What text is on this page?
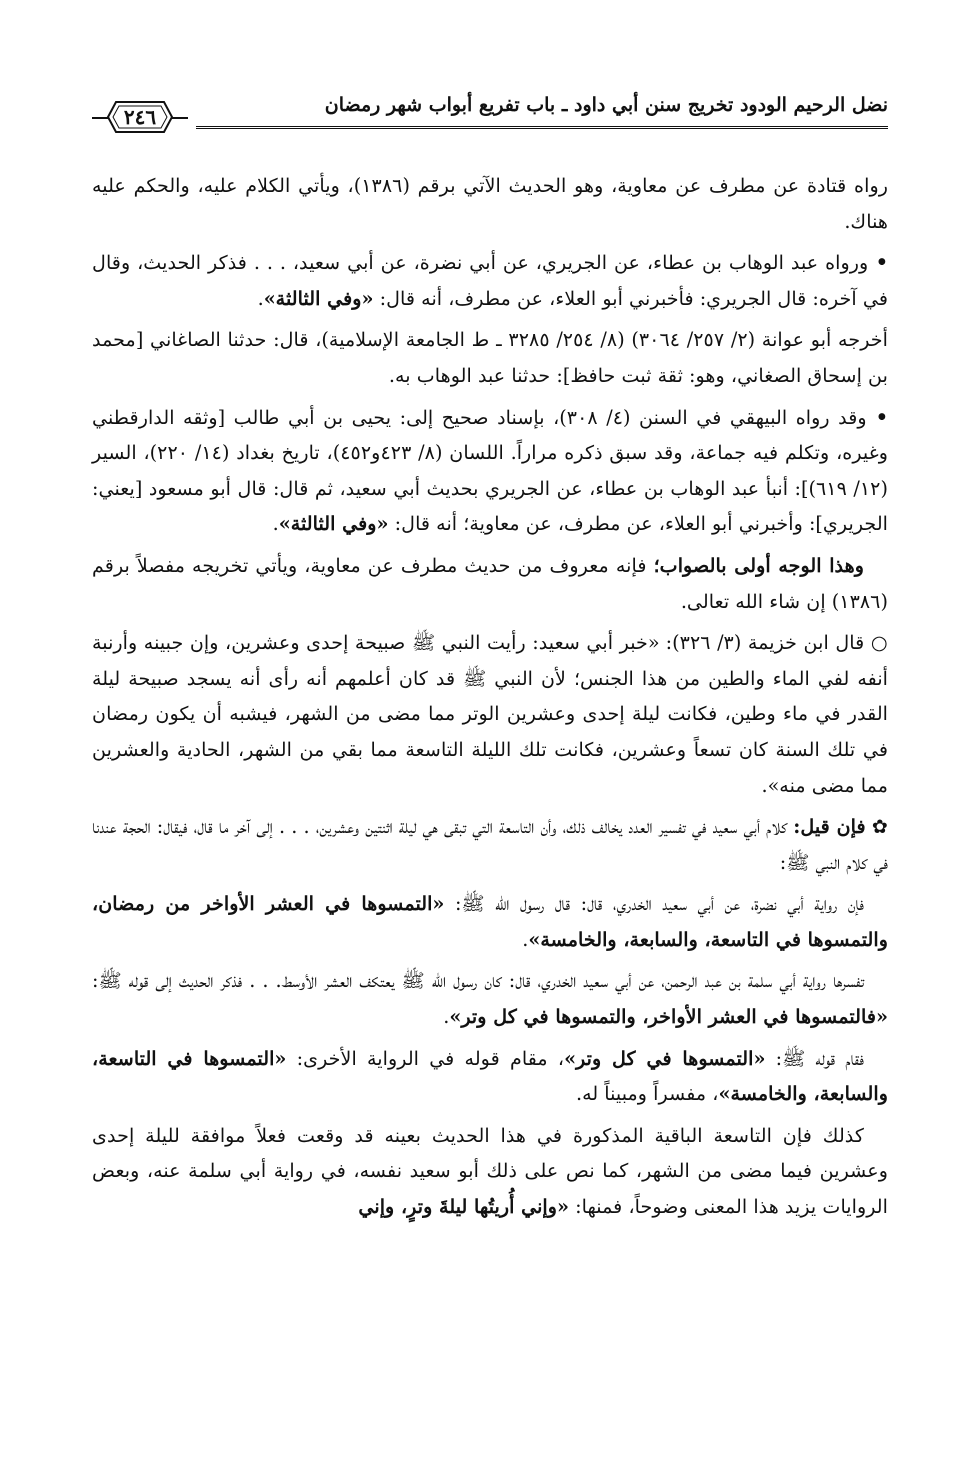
نضل الرحيم الودود تخريج سنن أبي داود ـ باب تفريع أبواب شهر رمضان
٢٤٦
رواه قتادة عن مطرف عن معاوية، وهو الحديث الآتي برقم (١٣٨٦)، ويأتي الكلام عليه، والحكم عليه هناك.
• ورواه عبد الوهاب بن عطاء، عن الجريري، عن أبي نضرة، عن أبي سعيد، . . . فذكر الحديث، وقال في آخره: قال الجريري: فأخبرني أبو العلاء، عن مطرف، أنه قال: «وفي الثالثة».
أخرجه أبو عوانة (٢/ ٢٥٧/ ٣٠٦٤) (٨/ ٢٥٤/ ٣٢٨٥ ـ ط الجامعة الإسلامية)، قال: حدثنا الصاغاني [محمد بن إسحاق الصغاني، وهو: ثقة ثبت حافظ]: حدثنا عبد الوهاب به.
• وقد رواه البيهقي في السنن (٤/ ٣٠٨)، بإسناد صحيح إلى: يحيى بن أبي طالب [وثقه الدارقطني وغيره، وتكلم فيه جماعة، وقد سبق ذكره مراراً. اللسان (٨/ ٤٢٣و٤٥٢)، تاريخ بغداد (١٤/ ٢٢٠)، السير (١٢/ ٦١٩)]: أنبأ عبد الوهاب بن عطاء، عن الجريري بحديث أبي سعيد، ثم قال: قال أبو مسعود [يعني: الجريري]: وأخبرني أبو العلاء، عن مطرف، عن معاوية؛ أنه قال: «وفي الثالثة».
وهذا الوجه أولى بالصواب؛ فإنه معروف من حديث مطرف عن معاوية، ويأتي تخريجه مفصلاً برقم (١٣٨٦) إن شاء الله تعالى.
○ قال ابن خزيمة (٣/ ٣٢٦): «خبر أبي سعيد: رأيت النبي ﷺ صبيحة إحدى وعشرين، وإن جبينه وأرنبة أنفه لفي الماء والطين من هذا الجنس؛ لأن النبي ﷺ قد كان أعلمهم أنه رأى أنه يسجد صبيحة ليلة القدر في ماء وطين، فكانت ليلة إحدى وعشرين الوتر مما مضى من الشهر، فيشبه أن يكون رمضان في تلك السنة كان تسعاً وعشرين، فكانت تلك الليلة التاسعة مما بقي من الشهر، الحادية والعشرين مما مضى منه».
✿ فإن قيل: كلام أبي سعيد في تفسير العدد يخالف ذلك، وأن التاسعة التي تبقى هي ليلة اثنتين وعشرين، . . . إلى آخر ما قال، فيقال: الحجة عندنا في كلام النبي ﷺ:
فإن رواية أبي نضرة، عن أبي سعيد الخدري، قال: قال رسول الله ﷺ: «التمسوها في العشر الأواخر من رمضان، والتمسوها في التاسعة، والسابعة، والخامسة».
تفسرها رواية أبي سلمة بن عبد الرحمن، عن أبي سعيد الخدري، قال: كان رسول الله ﷺ يعتكف العشر الأوسط. . . فذكر الحديث إلى قوله ﷺ: «فالتمسوها في العشر الأواخر، والتمسوها في كل وتر».
فقام قوله ﷺ: «التمسوها في كل وتر»، مقام قوله في الرواية الأخرى: «التمسوها في التاسعة، والسابعة، والخامسة»، مفسراً ومبيناً له.
كذلك فإن التاسعة الباقية المذكورة في هذا الحديث بعينه قد وقعت فعلاً موافقة لليلة إحدى وعشرين فيما مضى من الشهر، كما نص على ذلك أبو سعيد نفسه، في رواية أبي سلمة عنه، وبعض الروايات يزيد هذا المعنى وضوحاً، فمنها: «وإني أُريتُها ليلةَ وترٍ، وإني
